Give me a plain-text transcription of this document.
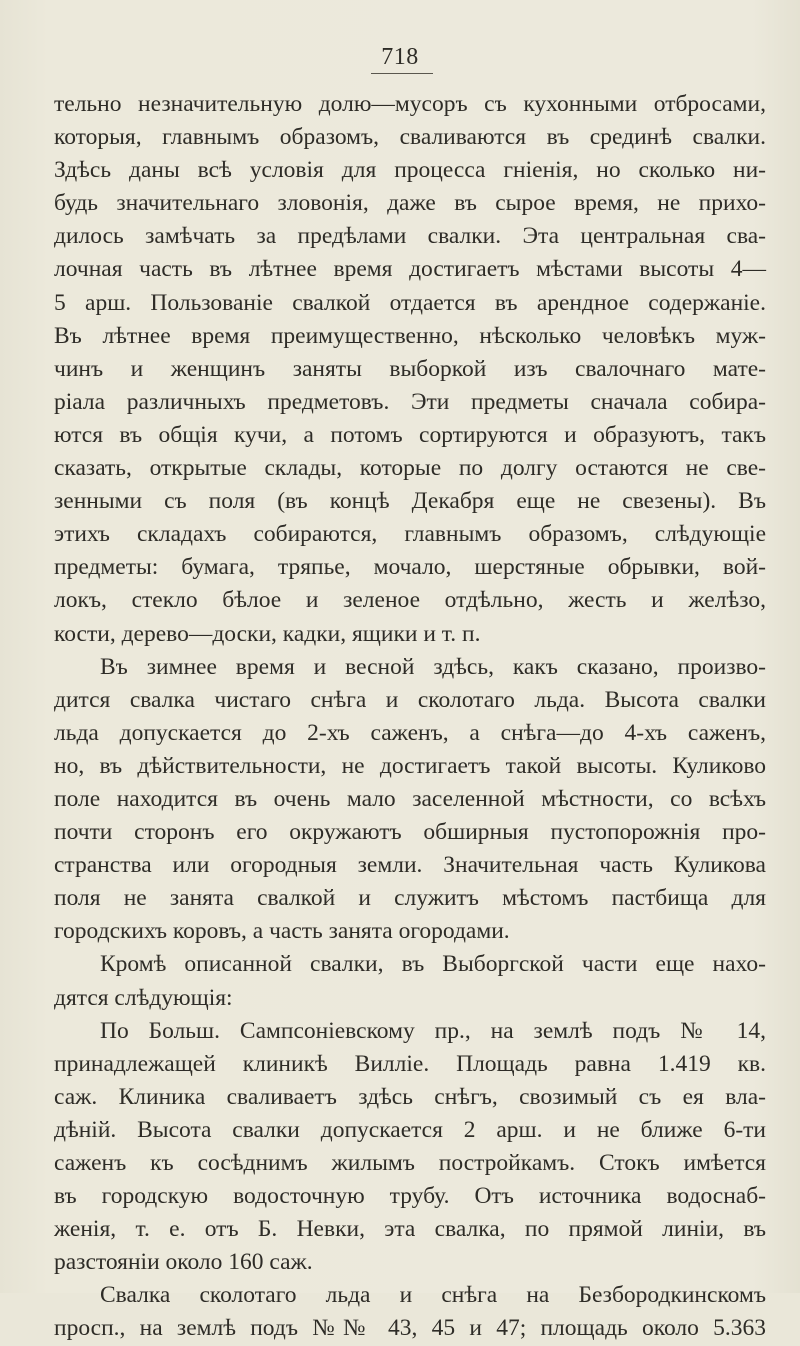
718
тельно незначительную долю—мусоръ съ кухонными отбросами,
которыя, главнымъ образомъ, сваливаются въ срединѣ свалки.
Здѣсь даны всѣ условія для процесса гніенія, но сколько ни-
будь значительнаго зловонія, даже въ сырое время, не прихо-
дилось замѣчать за предѣлами свалки. Эта центральная сва-
лочная часть въ лѣтнее время достигаетъ мѣстами высоты 4—
5 арш. Пользованіе свалкой отдается въ арендное содержаніе.
Въ лѣтнее время преимущественно, нѣсколько человѣкъ муж-
чинъ и женщинъ заняты выборкой изъ свалочнаго мате-
ріала различныхъ предметовъ. Эти предметы сначала собира-
ются въ общія кучи, а потомъ сортируются и образуютъ, такъ
сказать, открытые склады, которые по долгу остаются не све-
зенными съ поля (въ концѣ Декабря еще не свезены). Въ
этихъ складахъ собираются, главнымъ образомъ, слѣдующіе
предметы: бумага, тряпье, мочало, шерстяные обрывки, вой-
локъ, стекло бѣлое и зеленое отдѣльно, жесть и желѣзо,
кости, дерево—доски, кадки, ящики и т. п.
Въ зимнее время и весной здѣсь, какъ сказано, произво-
дится свалка чистаго снѣга и сколотаго льда. Высота свалки
льда допускается до 2-хъ саженъ, а снѣга—до 4-хъ саженъ,
но, въ дѣйствительности, не достигаетъ такой высоты. Куликово
поле находится въ очень мало заселенной мѣстности, со всѣхъ
почти сторонъ его окружаютъ обширныя пустопорожнія про-
странства или огородныя земли. Значительная часть Куликова
поля не занята свалкой и служитъ мѣстомъ пастбища для
городскихъ коровъ, а часть занята огородами.
Кромѣ описанной свалки, въ Выборгской части еще нахо-
дятся слѣдующія:
По Больш. Сампсоніевскому пр., на землѣ подъ № 14,
принадлежащей клиникѣ Вилліе. Площадь равна 1.419 кв.
саж. Клиника сваливаетъ здѣсь снѣгъ, свозимый съ ея вла-
дѣній. Высота свалки допускается 2 арш. и не ближе 6-ти
саженъ къ сосѣднимъ жилымъ постройкамъ. Стокъ имѣется
въ городскую водосточную трубу. Отъ источника водоснаб-
женія, т. е. отъ Б. Невки, эта свалка, по прямой линіи, въ
разстояніи около 160 саж.
Свалка сколотаго льда и снѣга на Безбородкинскомъ
просп., на землѣ подъ №№ 43, 45 и 47; площадь около 5.363
